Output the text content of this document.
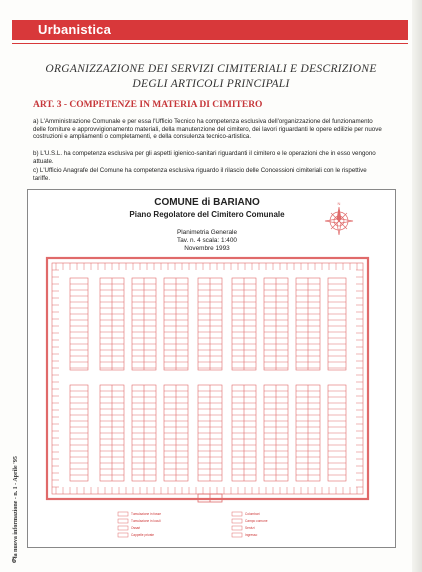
Urbanistica
ORGANIZZAZIONE DEI SERVIZI CIMITERIALI E DESCRIZIONE
DEGLI ARTICOLI PRINCIPALI
ART. 3 - COMPETENZE IN MATERIA DI CIMITERO
a) L'Amministrazione Comunale e per essa l'Ufficio Tecnico ha competenza esclusiva dell'organizzazione del funzionamento delle forniture e approvvigionamento materiali, della manutenzione del cimitero, dei lavori riguardanti le opere edilizie per nuove costruzioni e ampliamenti o completamenti, e della consulenza tecnico-artistica.
b) L'U.S.L. ha competenza esclusiva per gli aspetti igienico-sanitari riguardanti il cimitero e le operazioni che in esso vengono attuate.
c) L'Ufficio Anagrafe del Comune ha competenza esclusiva riguardo il rilascio delle Concessioni cimiteriali con le rispettive tariffe.
COMUNE di BARIANO
Piano Regolatore del Cimitero Comunale
Planimetria Generale
Tav. n. 4 scala: 1:400
Novembre 1993
N
Tumulazione in fosse
Tumulazione in loculi
Ossari
Cappelle private
Colombari
Campo comune
Servizi
Ingresso
la nuova informazione - n. 1 - Aprile '95
6
